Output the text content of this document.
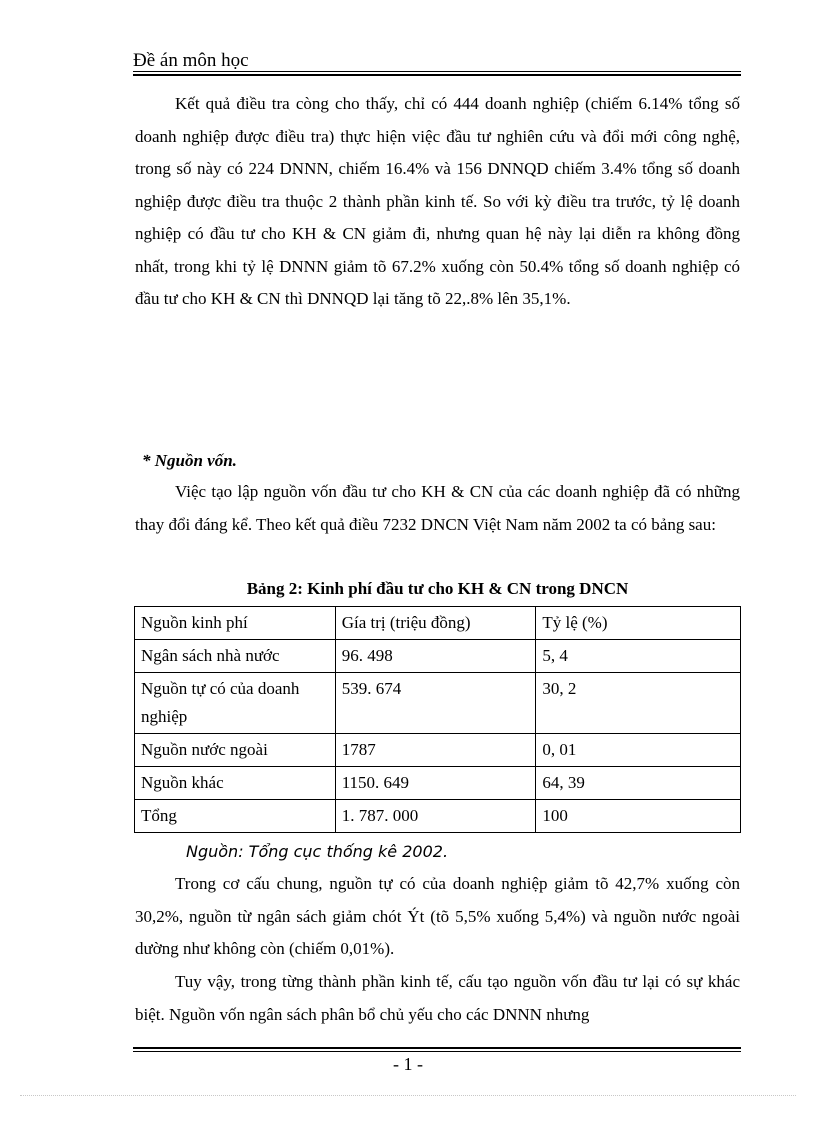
Đề án môn học

Kết quả điều tra còng cho thấy, chỉ có 444 doanh nghiệp (chiếm 6.14% tổng số doanh nghiệp được điều tra) thực hiện việc đầu tư nghiên cứu và đổi mới công nghệ, trong số này có 224 DNNN, chiếm 16.4% và 156 DNNQD chiếm 3.4% tổng số doanh nghiệp được điều tra thuộc 2 thành phần kinh tế. So với kỳ điều tra trước, tỷ lệ doanh nghiệp có đầu tư cho KH & CN giảm đi, nhưng quan hệ này lại diễn ra không đồng nhất, trong khi tỷ lệ DNNN giảm tõ 67.2% xuống còn 50.4% tổng số doanh nghiệp có đầu tư cho KH & CN thì DNNQD lại tăng tõ 22,.8% lên 35,1%.

* Nguồn vốn.

Việc tạo lập nguồn vốn đầu tư cho KH & CN của các doanh nghiệp đã có những thay đổi đáng kể. Theo kết quả điều 7232 DNCN Việt Nam năm 2002 ta có bảng sau:

Bảng 2: Kinh phí đầu tư cho KH & CN trong DNCN
Nguồn kinh phí	Gía trị (triệu đồng)	Tỷ lệ (%)
Ngân sách nhà nước	96. 498	5, 4
Nguồn tự có của doanh nghiệp	539. 674	30, 2
Nguồn nước ngoài	1787	0, 01
Nguồn khác	1150. 649	64, 39
Tổng	1. 787. 000	100
Nguồn: Tổng cục thống kê 2002.

Trong cơ cấu chung, nguồn tự có của doanh nghiệp giảm tõ 42,7% xuống còn 30,2%, nguồn từ ngân sách giảm chót Ýt (tõ 5,5% xuống 5,4%) và nguồn nước ngoài dường như không còn (chiếm 0,01%).

Tuy vậy, trong từng thành phần kinh tế, cấu tạo nguồn vốn đầu tư lại có sự khác biệt. Nguồn vốn ngân sách phân bổ chủ yếu cho các DNNN nhưng

- 1 -
